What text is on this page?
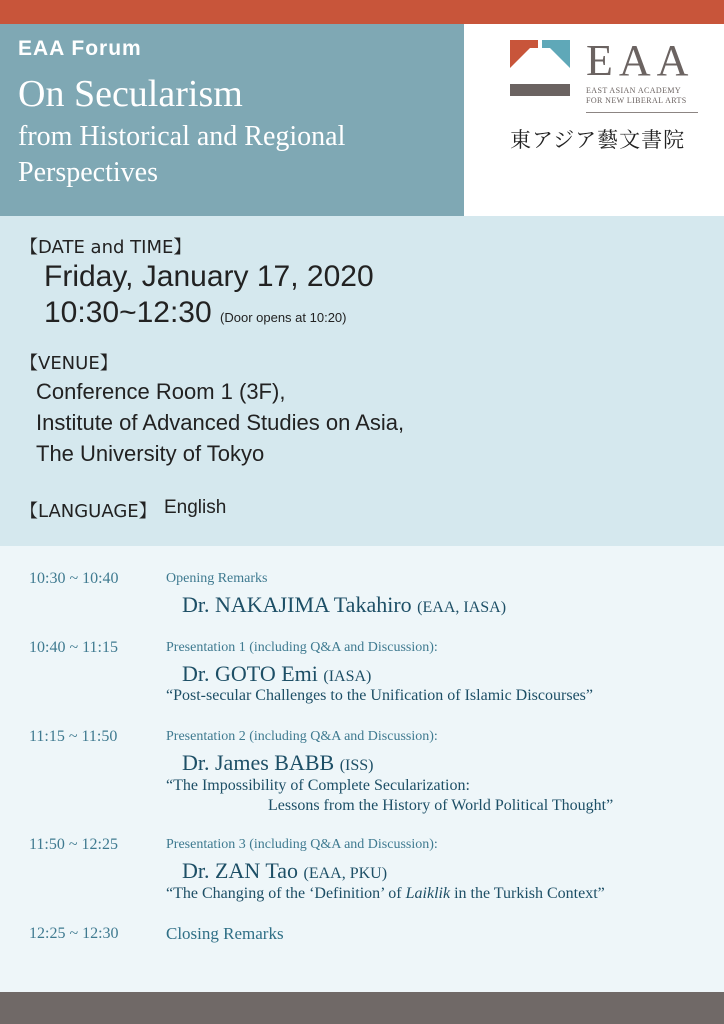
EAA Forum
On Secularism
from Historical and Regional Perspectives
EAA
EAST ASIAN ACADEMY
FOR NEW LIBERAL ARTS
東アジア藝文書院
【DATE and TIME】
Friday, January 17, 2020
10:30~12:30 (Door opens at 10:20)
【VENUE】
Conference Room 1 (3F),
Institute of Advanced Studies on Asia,
The University of Tokyo
【LANGUAGE】 English
10:30 ~ 10:40	Opening Remarks
Dr. NAKAJIMA Takahiro (EAA, IASA)
10:40 ~ 11:15	Presentation 1 (including Q&A and Discussion):
Dr. GOTO Emi (IASA)
“Post-secular Challenges to the Unification of Islamic Discourses”
11:15 ~ 11:50	Presentation 2 (including Q&A and Discussion):
Dr. James BABB (ISS)
“The Impossibility of Complete Secularization:
Lessons from the History of World Political Thought”
11:50 ~ 12:25	Presentation 3 (including Q&A and Discussion):
Dr. ZAN Tao (EAA, PKU)
“The Changing of the ‘Definition’ of Laiklik in the Turkish Context”
12:25 ~ 12:30	Closing Remarks
